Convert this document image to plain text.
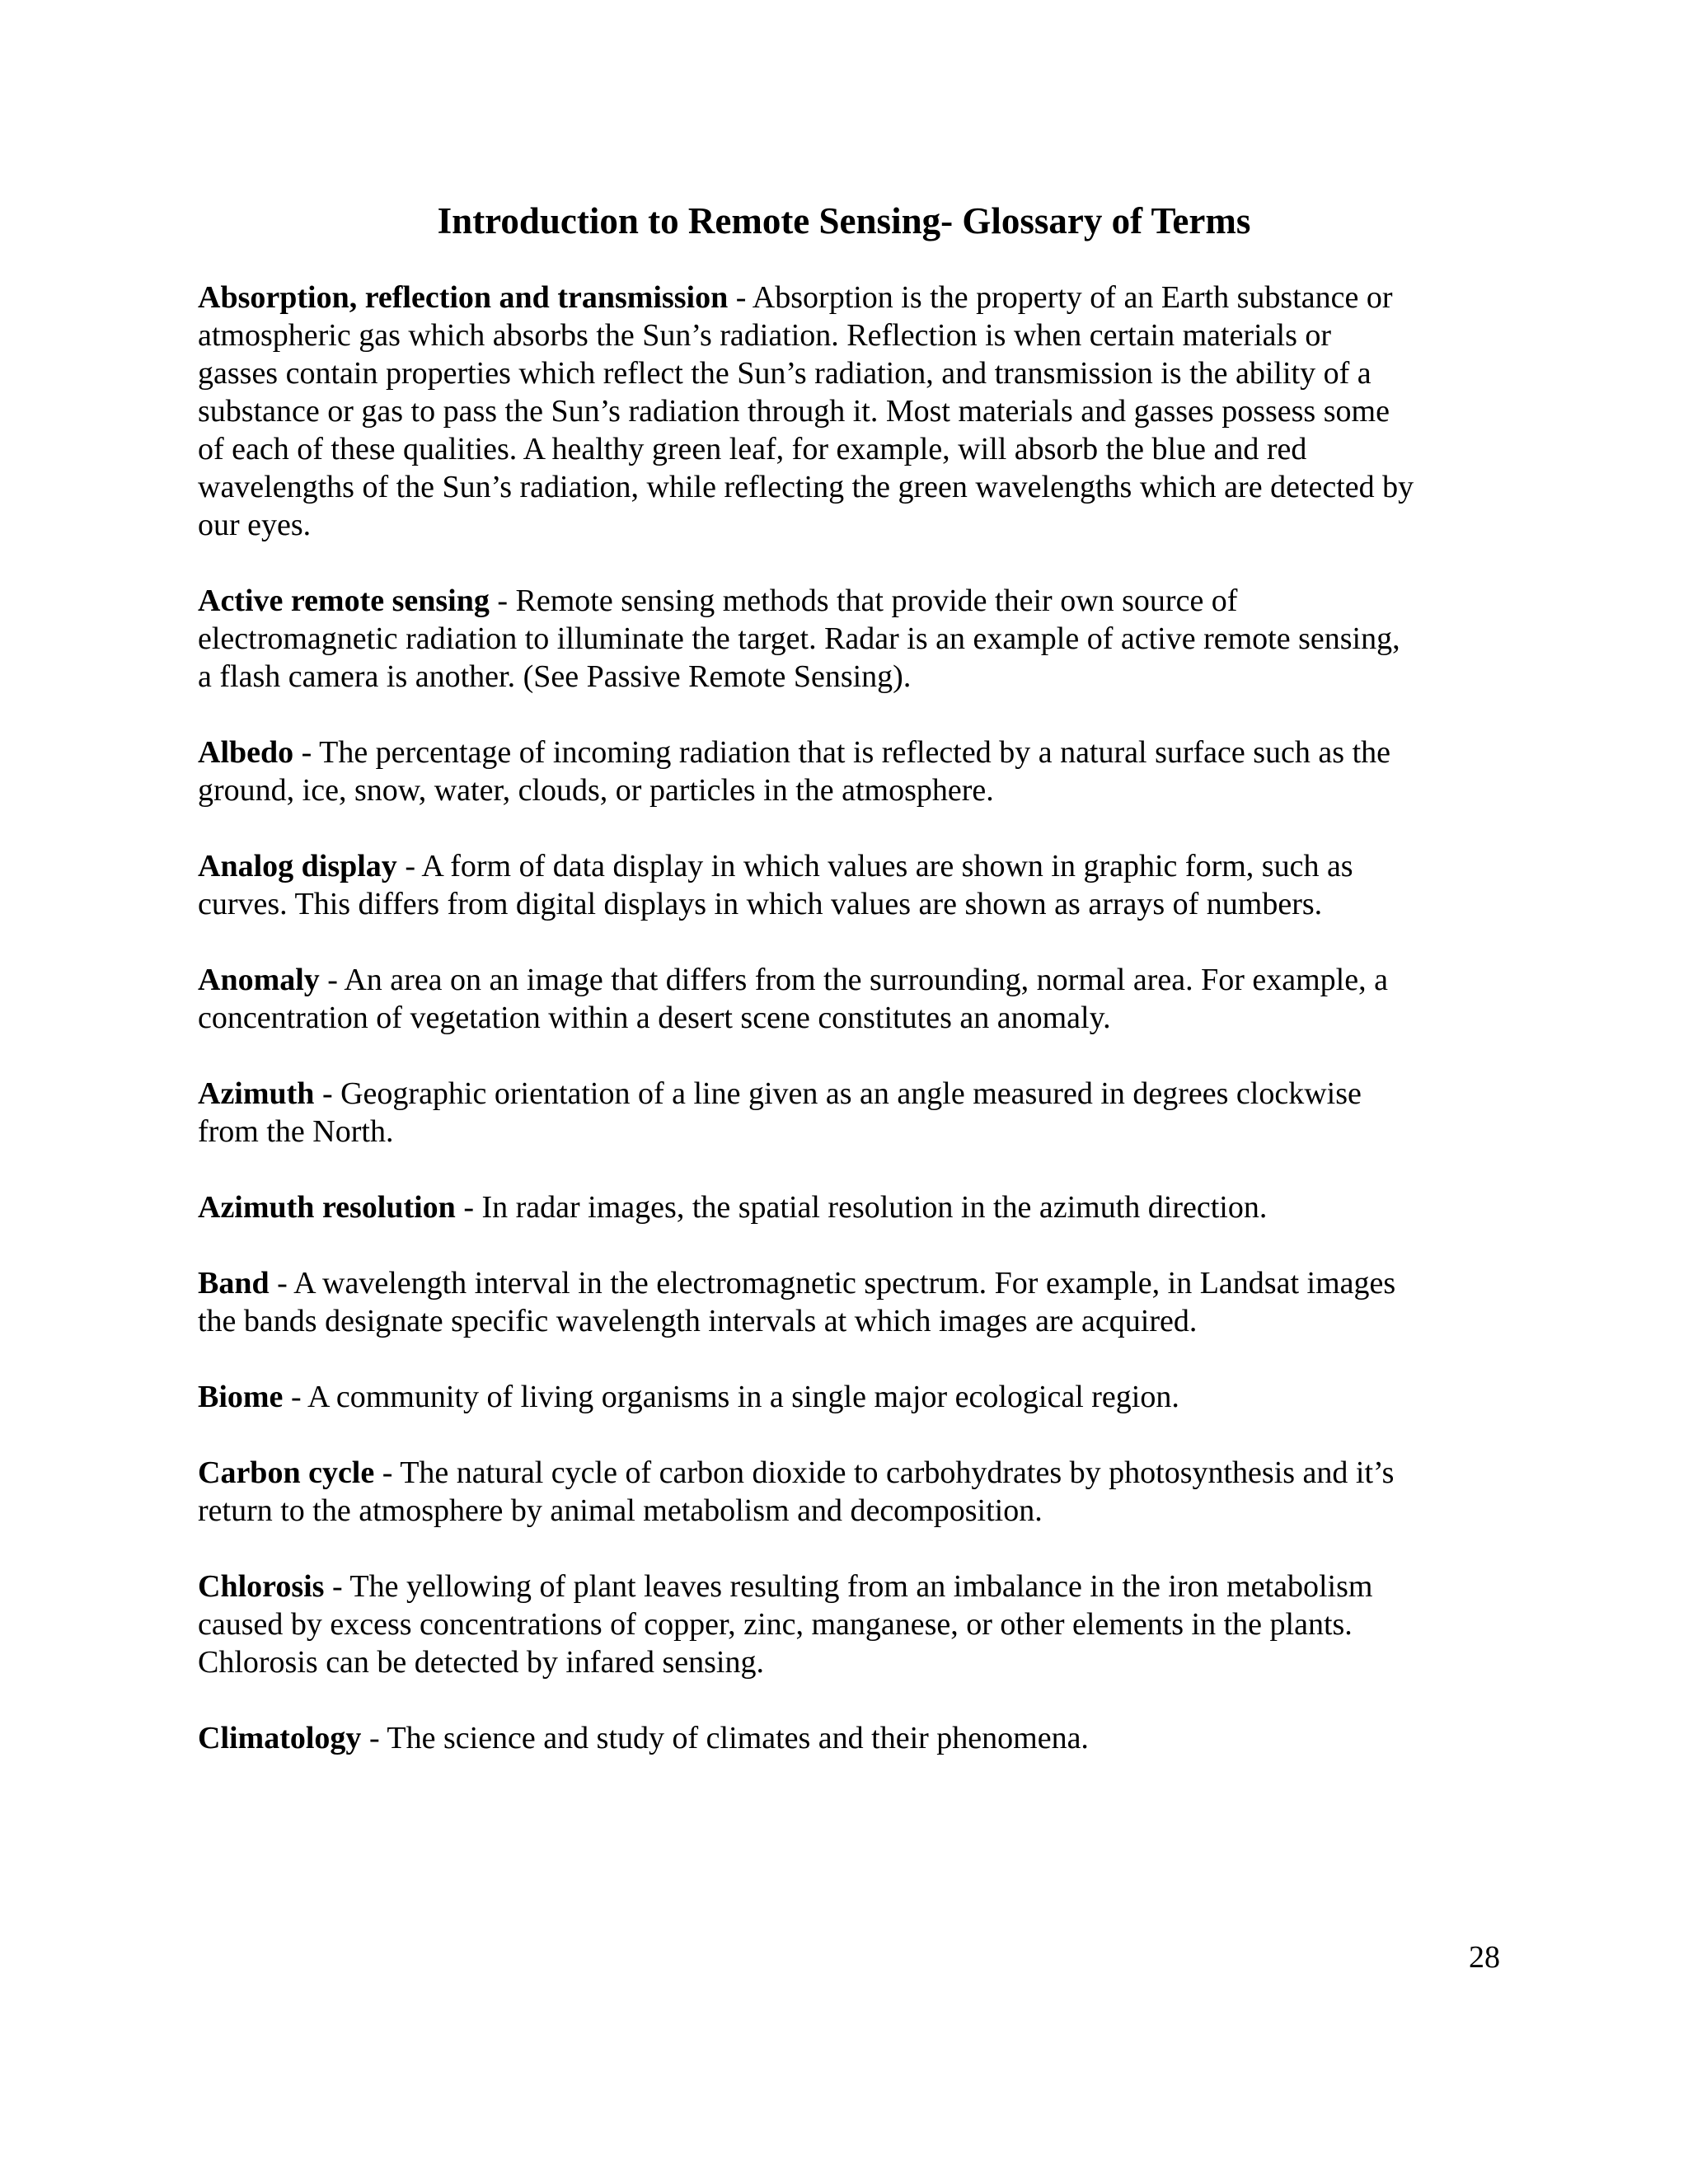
Introduction to Remote Sensing- Glossary of Terms

Absorption, reflection and transmission - Absorption is the property of an Earth substance or
atmospheric gas which absorbs the Sun’s radiation. Reflection is when certain materials or
gasses contain properties which reflect the Sun’s radiation, and transmission is the ability of a
substance or gas to pass the Sun’s radiation through it. Most materials and gasses possess some
of each of these qualities. A healthy green leaf, for example, will absorb the blue and red
wavelengths of the Sun’s radiation, while reflecting the green wavelengths which are detected by
our eyes.

Active remote sensing - Remote sensing methods that provide their own source of
electromagnetic radiation to illuminate the target. Radar is an example of active remote sensing,
a flash camera is another. (See Passive Remote Sensing).

Albedo - The percentage of incoming radiation that is reflected by a natural surface such as the
ground, ice, snow, water, clouds, or particles in the atmosphere.

Analog display - A form of data display in which values are shown in graphic form, such as
curves. This differs from digital displays in which values are shown as arrays of numbers.

Anomaly - An area on an image that differs from the surrounding, normal area. For example, a
concentration of vegetation within a desert scene constitutes an anomaly.

Azimuth - Geographic orientation of a line given as an angle measured in degrees clockwise
from the North.

Azimuth resolution - In radar images, the spatial resolution in the azimuth direction.

Band - A wavelength interval in the electromagnetic spectrum. For example, in Landsat images
the bands designate specific wavelength intervals at which images are acquired.

Biome - A community of living organisms in a single major ecological region.

Carbon cycle - The natural cycle of carbon dioxide to carbohydrates by photosynthesis and it’s
return to the atmosphere by animal metabolism and decomposition.

Chlorosis - The yellowing of plant leaves resulting from an imbalance in the iron metabolism
caused by excess concentrations of copper, zinc, manganese, or other elements in the plants.
Chlorosis can be detected by infared sensing.

Climatology - The science and study of climates and their phenomena.

28
